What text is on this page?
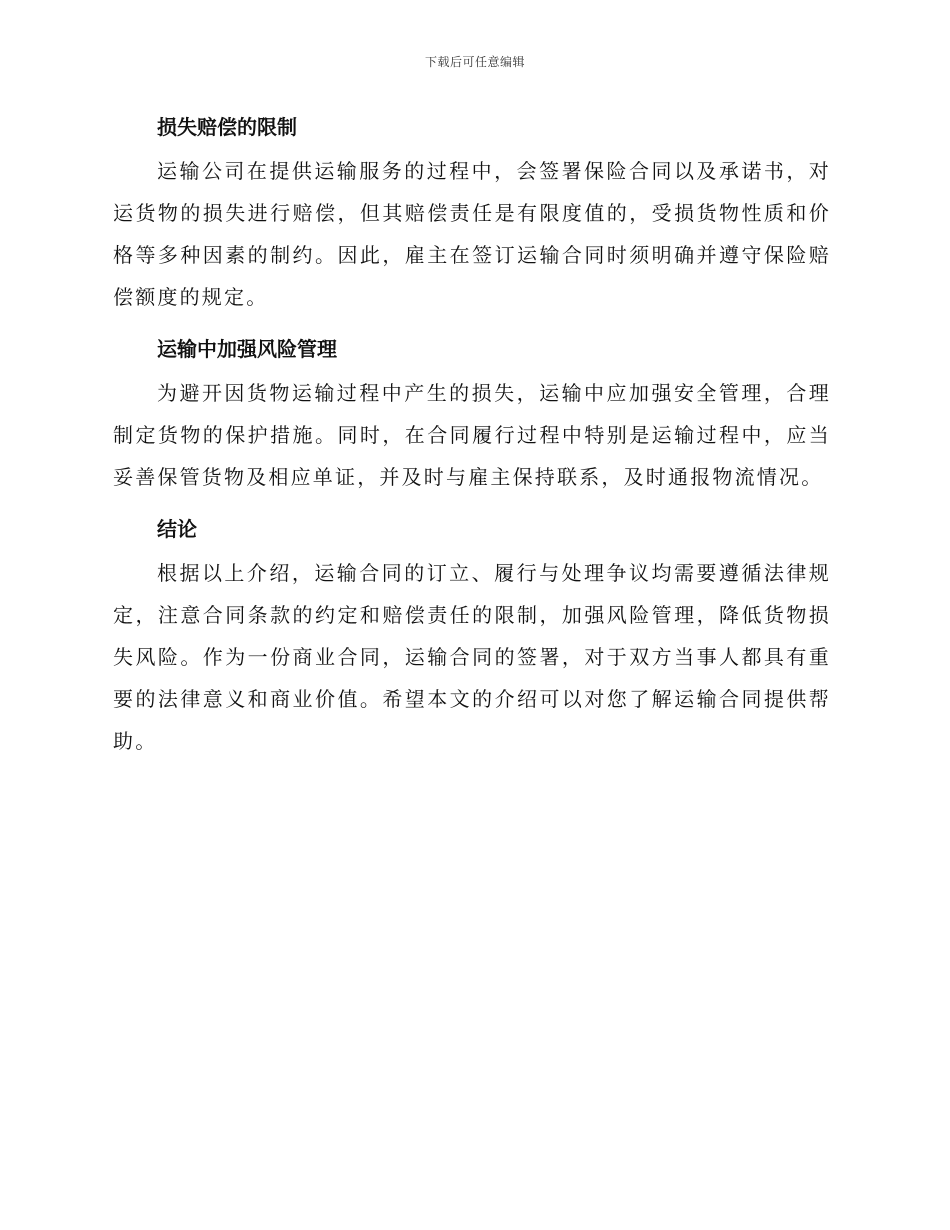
下载后可任意编辑
损失赔偿的限制

运输公司在提供运输服务的过程中，会签署保险合同以及承诺书，对运货物的损失进行赔偿，但其赔偿责任是有限度值的，受损货物性质和价格等多种因素的制约。因此，雇主在签订运输合同时须明确并遵守保险赔偿额度的规定。

运输中加强风险管理

为避开因货物运输过程中产生的损失，运输中应加强安全管理，合理制定货物的保护措施。同时，在合同履行过程中特别是运输过程中，应当妥善保管货物及相应单证，并及时与雇主保持联系，及时通报物流情况。

结论

根据以上介绍，运输合同的订立、履行与处理争议均需要遵循法律规定，注意合同条款的约定和赔偿责任的限制，加强风险管理，降低货物损失风险。作为一份商业合同，运输合同的签署，对于双方当事人都具有重要的法律意义和商业价值。希望本文的介绍可以对您了解运输合同提供帮助。
